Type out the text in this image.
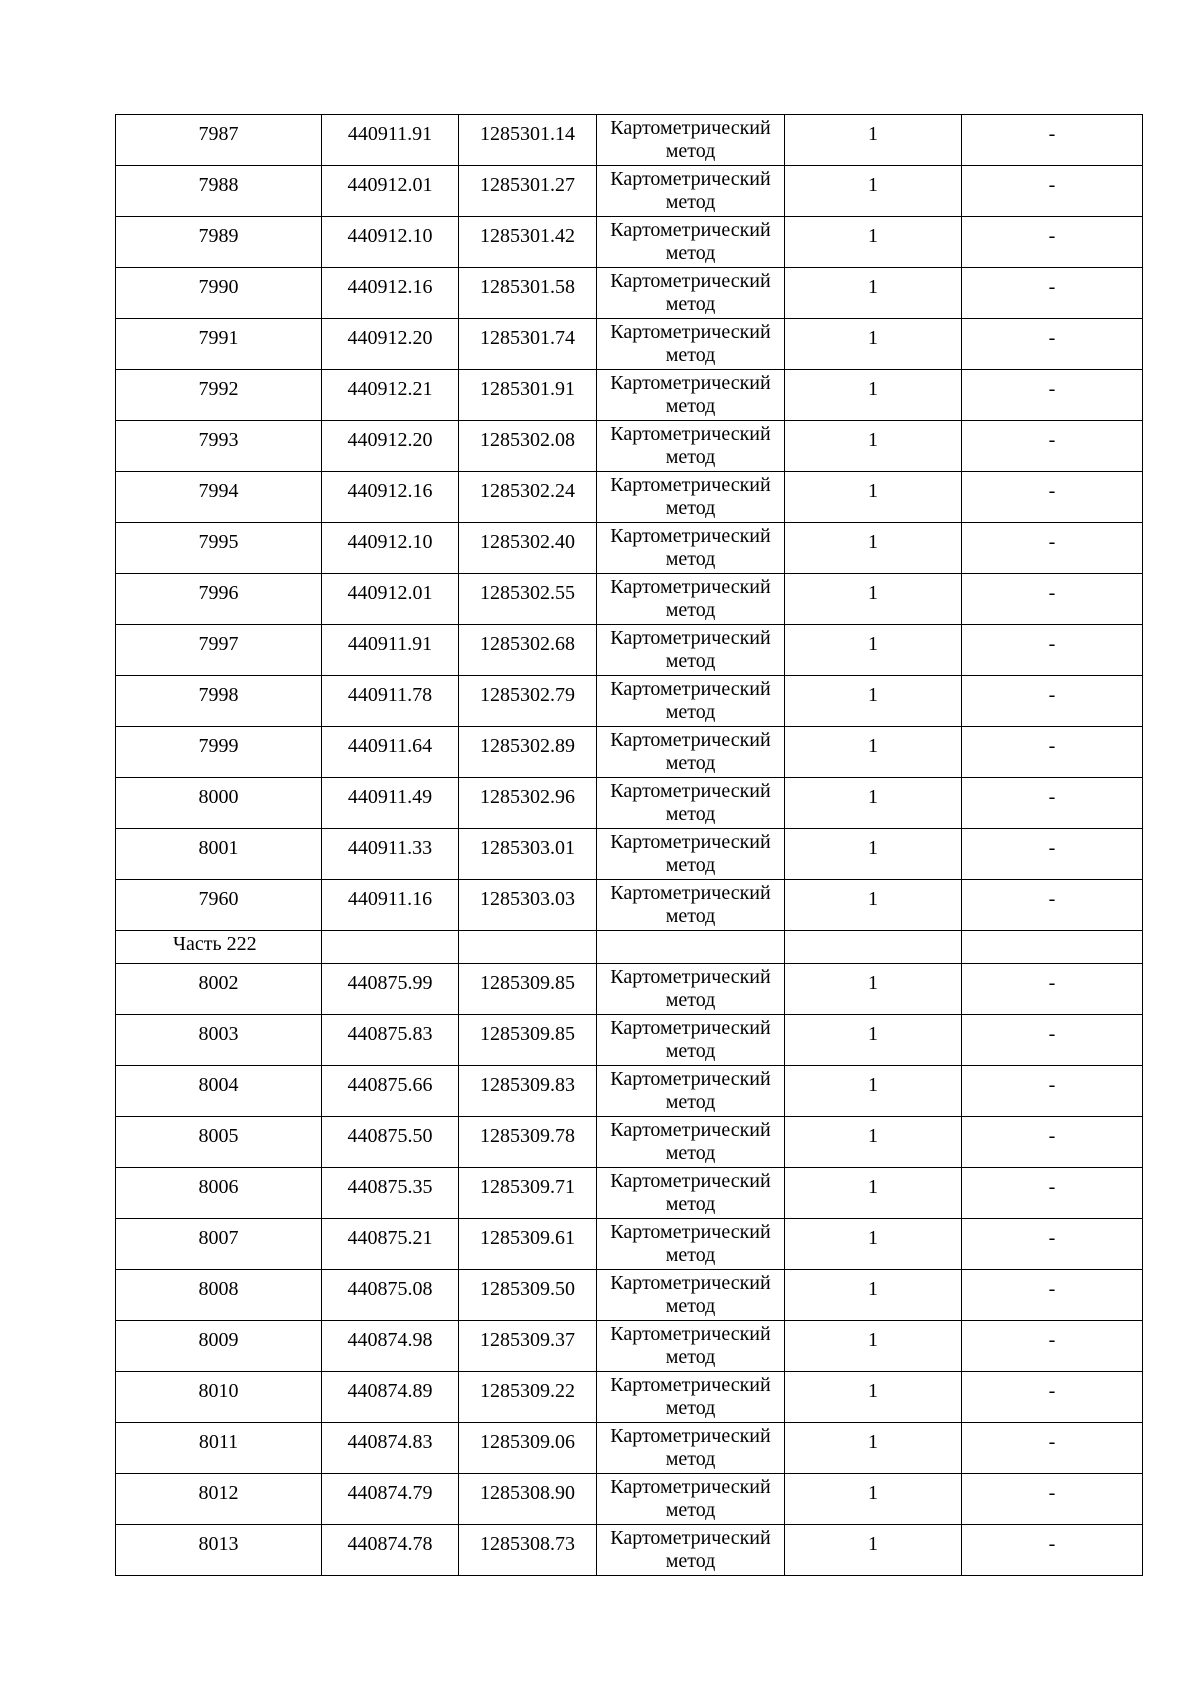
7987	440911.91	1285301.14	Картометрический метод	1	-
7988	440912.01	1285301.27	Картометрический метод	1	-
7989	440912.10	1285301.42	Картометрический метод	1	-
7990	440912.16	1285301.58	Картометрический метод	1	-
7991	440912.20	1285301.74	Картометрический метод	1	-
7992	440912.21	1285301.91	Картометрический метод	1	-
7993	440912.20	1285302.08	Картометрический метод	1	-
7994	440912.16	1285302.24	Картометрический метод	1	-
7995	440912.10	1285302.40	Картометрический метод	1	-
7996	440912.01	1285302.55	Картометрический метод	1	-
7997	440911.91	1285302.68	Картометрический метод	1	-
7998	440911.78	1285302.79	Картометрический метод	1	-
7999	440911.64	1285302.89	Картометрический метод	1	-
8000	440911.49	1285302.96	Картометрический метод	1	-
8001	440911.33	1285303.01	Картометрический метод	1	-
7960	440911.16	1285303.03	Картометрический метод	1	-
Часть 222					
8002	440875.99	1285309.85	Картометрический метод	1	-
8003	440875.83	1285309.85	Картометрический метод	1	-
8004	440875.66	1285309.83	Картометрический метод	1	-
8005	440875.50	1285309.78	Картометрический метод	1	-
8006	440875.35	1285309.71	Картометрический метод	1	-
8007	440875.21	1285309.61	Картометрический метод	1	-
8008	440875.08	1285309.50	Картометрический метод	1	-
8009	440874.98	1285309.37	Картометрический метод	1	-
8010	440874.89	1285309.22	Картометрический метод	1	-
8011	440874.83	1285309.06	Картометрический метод	1	-
8012	440874.79	1285308.90	Картометрический метод	1	-
8013	440874.78	1285308.73	Картометрический метод	1	-
